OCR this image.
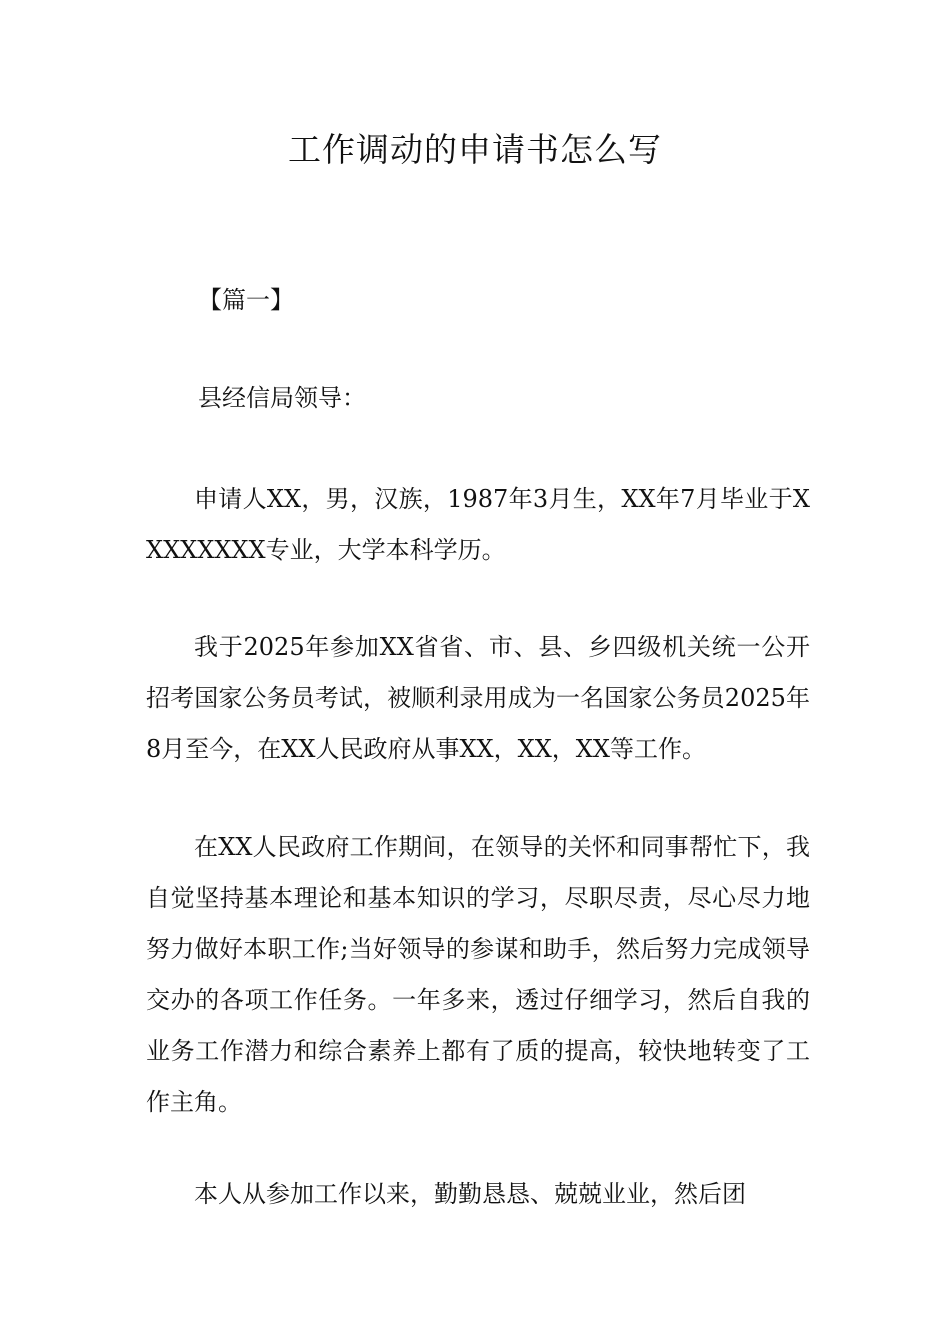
工作调动的申请书怎么写
【篇一】

县经信局领导：

申请人XX，男，汉族，1987年3月生，XX年7月毕业于XXXXXXXX专业，大学本科学历。

我于2025年参加XX省省、市、县、乡四级机关统一公开招考国家公务员考试，被顺利录用成为一名国家公务员2025年8月至今，在XX人民政府从事XX，XX，XX等工作。

在XX人民政府工作期间，在领导的关怀和同事帮忙下，我自觉坚持基本理论和基本知识的学习，尽职尽责，尽心尽力地努力做好本职工作;当好领导的参谋和助手，然后努力完成领导交办的各项工作任务。一年多来，透过仔细学习，然后自我的业务工作潜力和综合素养上都有了质的提高，较快地转变了工作主角。

本人从参加工作以来，勤勤恳恳、兢兢业业，然后团
